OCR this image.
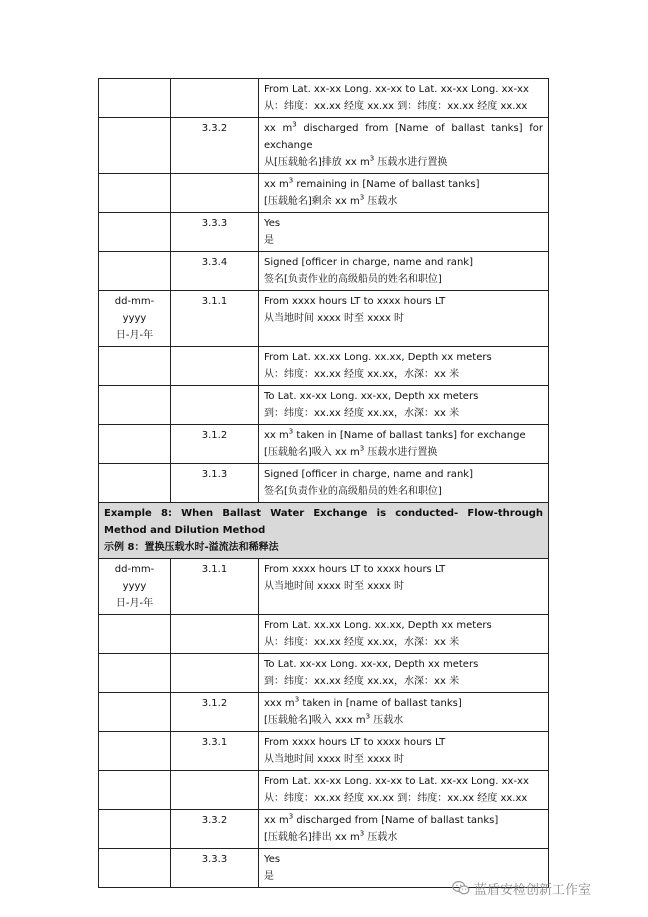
		From Lat. xx-xx Long. xx-xx to Lat. xx-xx Long. xx-xx
从：纬度：xx.xx 经度 xx.xx 到：纬度：xx.xx 经度 xx.xx

	3.3.2	xx $m^3$ discharged from [Name of ballast tanks] for exchange
从[压载舱名]排放 xx $m^3$ 压载水进行置换

		xx $m^3$ remaining in [Name of ballast tanks]
[压载舱名]剩余 xx $m^3$ 压载水

	3.3.3	Yes
是

	3.3.4	Signed [officer in charge, name and rank]
签名[负责作业的高级船员的姓名和职位]

dd-mm-yyyy
日-月-年	3.1.1	From xxxx hours LT to xxxx hours LT
从当地时间 xxxx 时至 xxxx 时

		From Lat. xx.xx Long. xx.xx, Depth xx meters
从：纬度：xx.xx 经度 xx.xx，水深：xx 米

		To Lat. xx-xx Long. xx-xx, Depth xx meters
到：纬度：xx.xx 经度 xx.xx，水深：xx 米

	3.1.2	xx $m^3$ taken in [Name of ballast tanks] for exchange
[压载舱名]吸入 xx $m^3$ 压载水进行置换

	3.1.3	Signed [officer in charge, name and rank]
签名[负责作业的高级船员的姓名和职位]

Example 8: When Ballast Water Exchange is conducted- Flow-through Method and Dilution Method
示例 8：置换压载水时-溢流法和稀释法		

dd-mm-yyyy
日-月-年	3.1.1	From xxxx hours LT to xxxx hours LT
从当地时间 xxxx 时至 xxxx 时

		From Lat. xx.xx Long. xx.xx, Depth xx meters
从：纬度：xx.xx 经度 xx.xx，水深：xx 米

		To Lat. xx-xx Long. xx-xx, Depth xx meters
到：纬度：xx.xx 经度 xx.xx，水深：xx 米

	3.1.2	xxx $m^3$ taken in [name of ballast tanks]
[压载舱名]吸入 xxx $m^3$ 压载水

	3.3.1	From xxxx hours LT to xxxx hours LT
从当地时间 xxxx 时至 xxxx 时

		From Lat. xx-xx Long. xx-xx to Lat. xx-xx Long. xx-xx
从：纬度：xx.xx 经度 xx.xx 到：纬度：xx.xx 经度 xx.xx

	3.3.2	xx $m^3$ discharged from [Name of ballast tanks]
[压载舱名]排出 xx $m^3$ 压载水

	3.3.3	Yes
是
蓝盾安检创新工作室
